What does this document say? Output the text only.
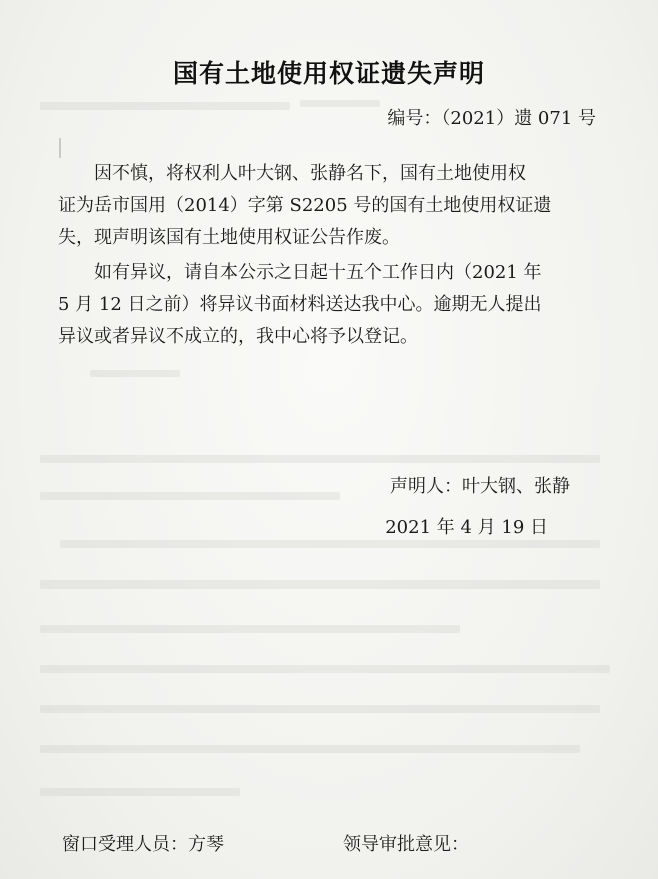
国有土地使用权证遗失声明
编号：（2021）遗 071 号
因不慎，将权利人叶大钢、张静名下，国有土地使用权
证为岳市国用（2014）字第 S2205 号的国有土地使用权证遗
失，现声明该国有土地使用权证公告作废。
如有异议，请自本公示之日起十五个工作日内（2021 年
5 月 12 日之前）将异议书面材料送达我中心。逾期无人提出
异议或者异议不成立的，我中心将予以登记。
声明人：叶大钢、张静
2021 年 4 月 19 日
窗口受理人员：方琴	领导审批意见：
